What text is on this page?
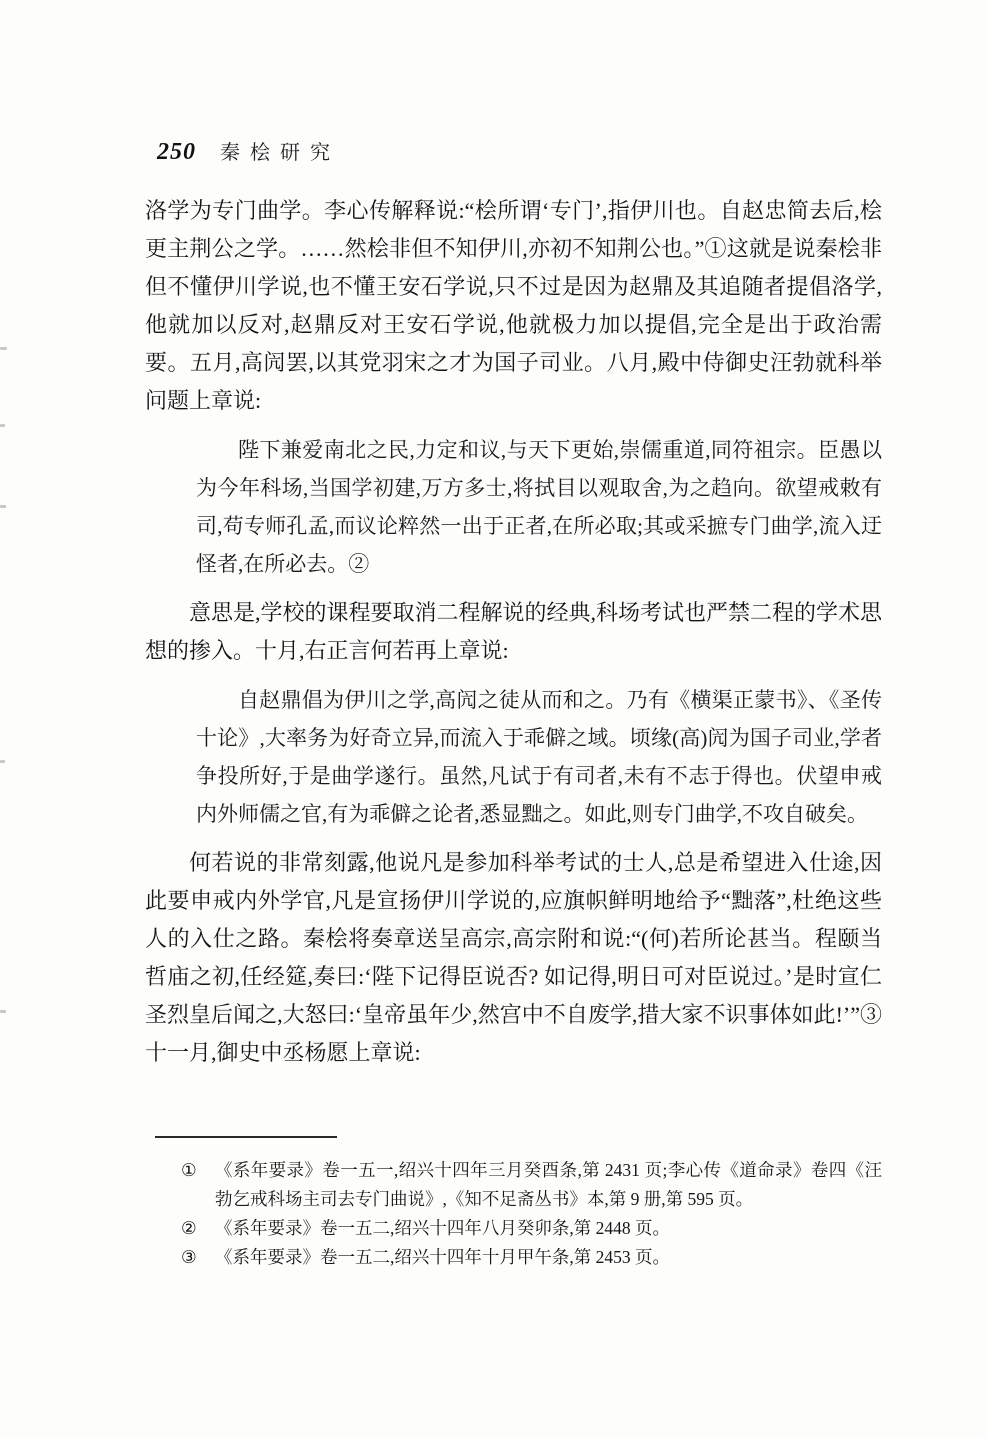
250 秦桧研究

洛学为专门曲学。李心传解释说:“桧所谓‘专门’,指伊川也。自赵忠简去后,桧更主荆公之学。……然桧非但不知伊川,亦初不知荆公也。”①这就是说秦桧非但不懂伊川学说,也不懂王安石学说,只不过是因为赵鼎及其追随者提倡洛学,他就加以反对,赵鼎反对王安石学说,他就极力加以提倡,完全是出于政治需要。五月,高闶罢,以其党羽宋之才为国子司业。八月,殿中侍御史汪勃就科举问题上章说:

陛下兼爱南北之民,力定和议,与天下更始,崇儒重道,同符祖宗。臣愚以为今年科场,当国学初建,万方多士,将拭目以观取舍,为之趋向。欲望戒敕有司,苟专师孔孟,而议论粹然一出于正者,在所必取;其或采摭专门曲学,流入迂怪者,在所必去。②

意思是,学校的课程要取消二程解说的经典,科场考试也严禁二程的学术思想的掺入。十月,右正言何若再上章说:

自赵鼎倡为伊川之学,高闶之徒从而和之。乃有《横渠正蒙书》、《圣传十论》,大率务为好奇立异,而流入于乖僻之域。顷缘(高)闶为国子司业,学者争投所好,于是曲学遂行。虽然,凡试于有司者,未有不志于得也。伏望申戒内外师儒之官,有为乖僻之论者,悉显黜之。如此,则专门曲学,不攻自破矣。

何若说的非常刻露,他说凡是参加科举考试的士人,总是希望进入仕途,因此要申戒内外学官,凡是宣扬伊川学说的,应旗帜鲜明地给予“黜落”,杜绝这些人的入仕之路。秦桧将奏章送呈高宗,高宗附和说:“(何)若所论甚当。程颐当哲庙之初,任经筵,奏曰:‘陛下记得臣说否? 如记得,明日可对臣说过。’是时宣仁圣烈皇后闻之,大怒曰:‘皇帝虽年少,然宫中不自废学,措大家不识事体如此!’”③十一月,御史中丞杨愿上章说:

①	《系年要录》卷一五一,绍兴十四年三月癸酉条,第 2431 页;李心传《道命录》卷四《汪勃乞戒科场主司去专门曲说》,《知不足斋丛书》本,第 9 册,第 595 页。
②	《系年要录》卷一五二,绍兴十四年八月癸卯条,第 2448 页。
③	《系年要录》卷一五二,绍兴十四年十月甲午条,第 2453 页。
